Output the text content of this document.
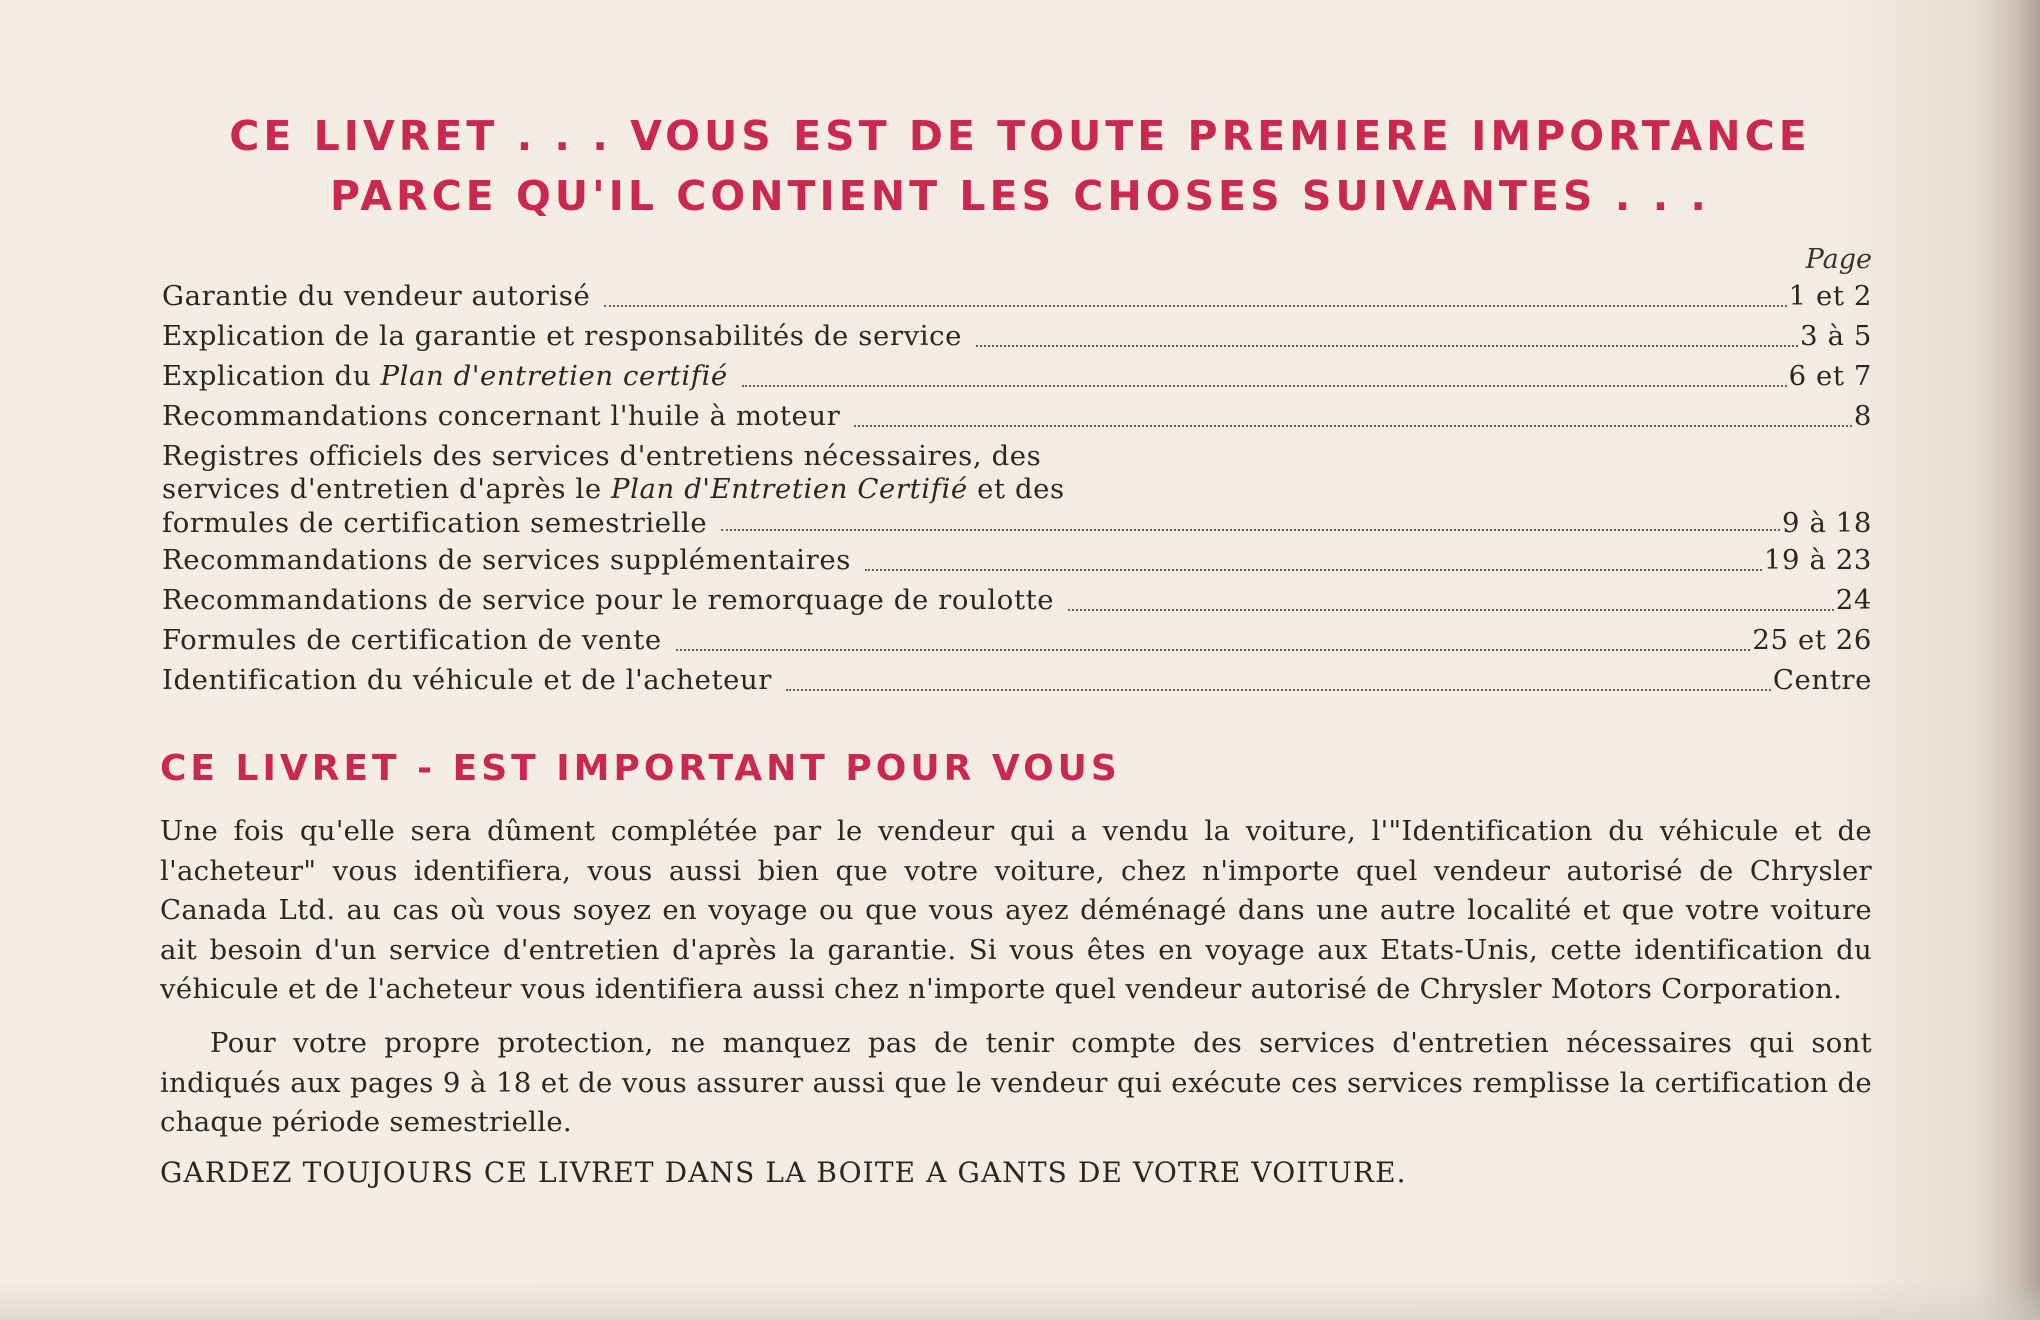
CE LIVRET . . . VOUS EST DE TOUTE PREMIERE IMPORTANCE
PARCE QU'IL CONTIENT LES CHOSES SUIVANTES . . .
Page
Garantie du vendeur autorisé	1 et 2
Explication de la garantie et responsabilités de service	3 à 5
Explication du Plan d'entretien certifié	6 et 7
Recommandations concernant l'huile à moteur	8
Registres officiels des services d'entretiens nécessaires, des
services d'entretien d'après le Plan d'Entretien Certifié et des
formules de certification semestrielle	9 à 18
Recommandations de services supplémentaires	19 à 23
Recommandations de service pour le remorquage de roulotte	24
Formules de certification de vente	25 et 26
Identification du véhicule et de l'acheteur	Centre
CE LIVRET - EST IMPORTANT POUR VOUS
Une fois qu'elle sera dûment complétée par le vendeur qui a vendu la voiture, l'"Identification du véhicule et de l'acheteur" vous identifiera, vous aussi bien que votre voiture, chez n'importe quel vendeur autorisé de Chrysler Canada Ltd. au cas où vous soyez en voyage ou que vous ayez déménagé dans une autre localité et que votre voiture ait besoin d'un service d'entretien d'après la garantie. Si vous êtes en voyage aux Etats-Unis, cette identification du véhicule et de l'acheteur vous identifiera aussi chez n'importe quel vendeur autorisé de Chrysler Motors Corporation.
Pour votre propre protection, ne manquez pas de tenir compte des services d'entretien nécessaires qui sont indiqués aux pages 9 à 18 et de vous assurer aussi que le vendeur qui exécute ces services remplisse la certification de chaque période semestrielle.
GARDEZ TOUJOURS CE LIVRET DANS LA BOITE A GANTS DE VOTRE VOITURE.
